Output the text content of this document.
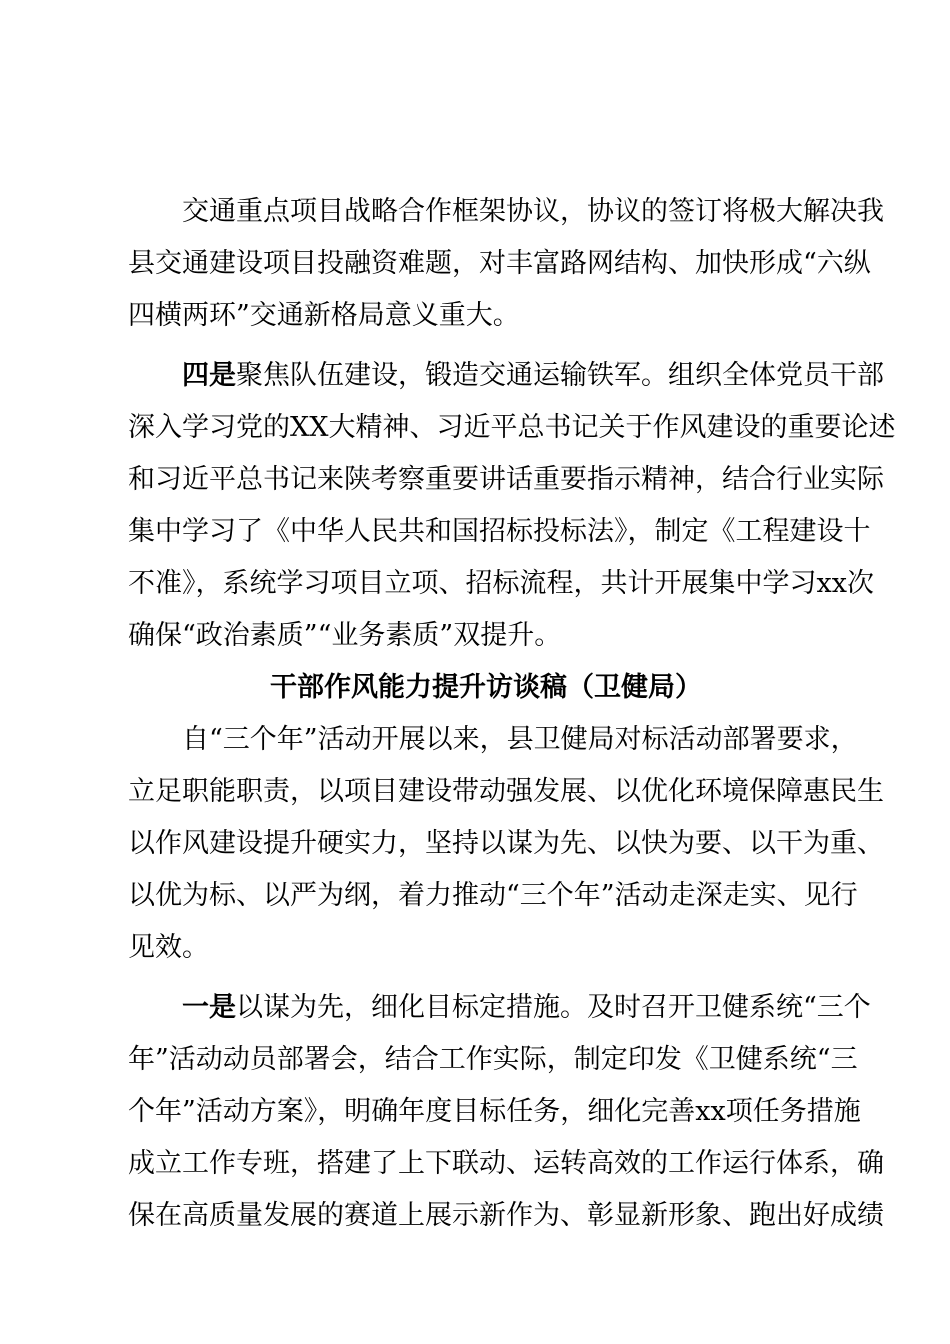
交通重点项目战略合作框架协议，协议的签订将极大解决我
县交通建设项目投融资难题，对丰富路网结构、加快形成“六纵
四横两环”交通新格局意义重大。
四是聚焦队伍建设，锻造交通运输铁军。组织全体党员干部
深入学习党的XX大精神、习近平总书记关于作风建设的重要论述
和习近平总书记来陕考察重要讲话重要指示精神，结合行业实际
集中学习了《中华人民共和国招标投标法》，制定《工程建设十
不准》，系统学习项目立项、招标流程，共计开展集中学习xx次
确保“政治素质”“业务素质”双提升。
干部作风能力提升访谈稿（卫健局）
自“三个年”活动开展以来，县卫健局对标活动部署要求，
立足职能职责，以项目建设带动强发展、以优化环境保障惠民生
以作风建设提升硬实力，坚持以谋为先、以快为要、以干为重、
以优为标、以严为纲，着力推动“三个年”活动走深走实、见行
见效。
一是以谋为先，细化目标定措施。及时召开卫健系统“三个
年”活动动员部署会，结合工作实际，制定印发《卫健系统“三
个年”活动方案》，明确年度目标任务，细化完善xx项任务措施
成立工作专班，搭建了上下联动、运转高效的工作运行体系，确
保在高质量发展的赛道上展示新作为、彰显新形象、跑出好成绩
